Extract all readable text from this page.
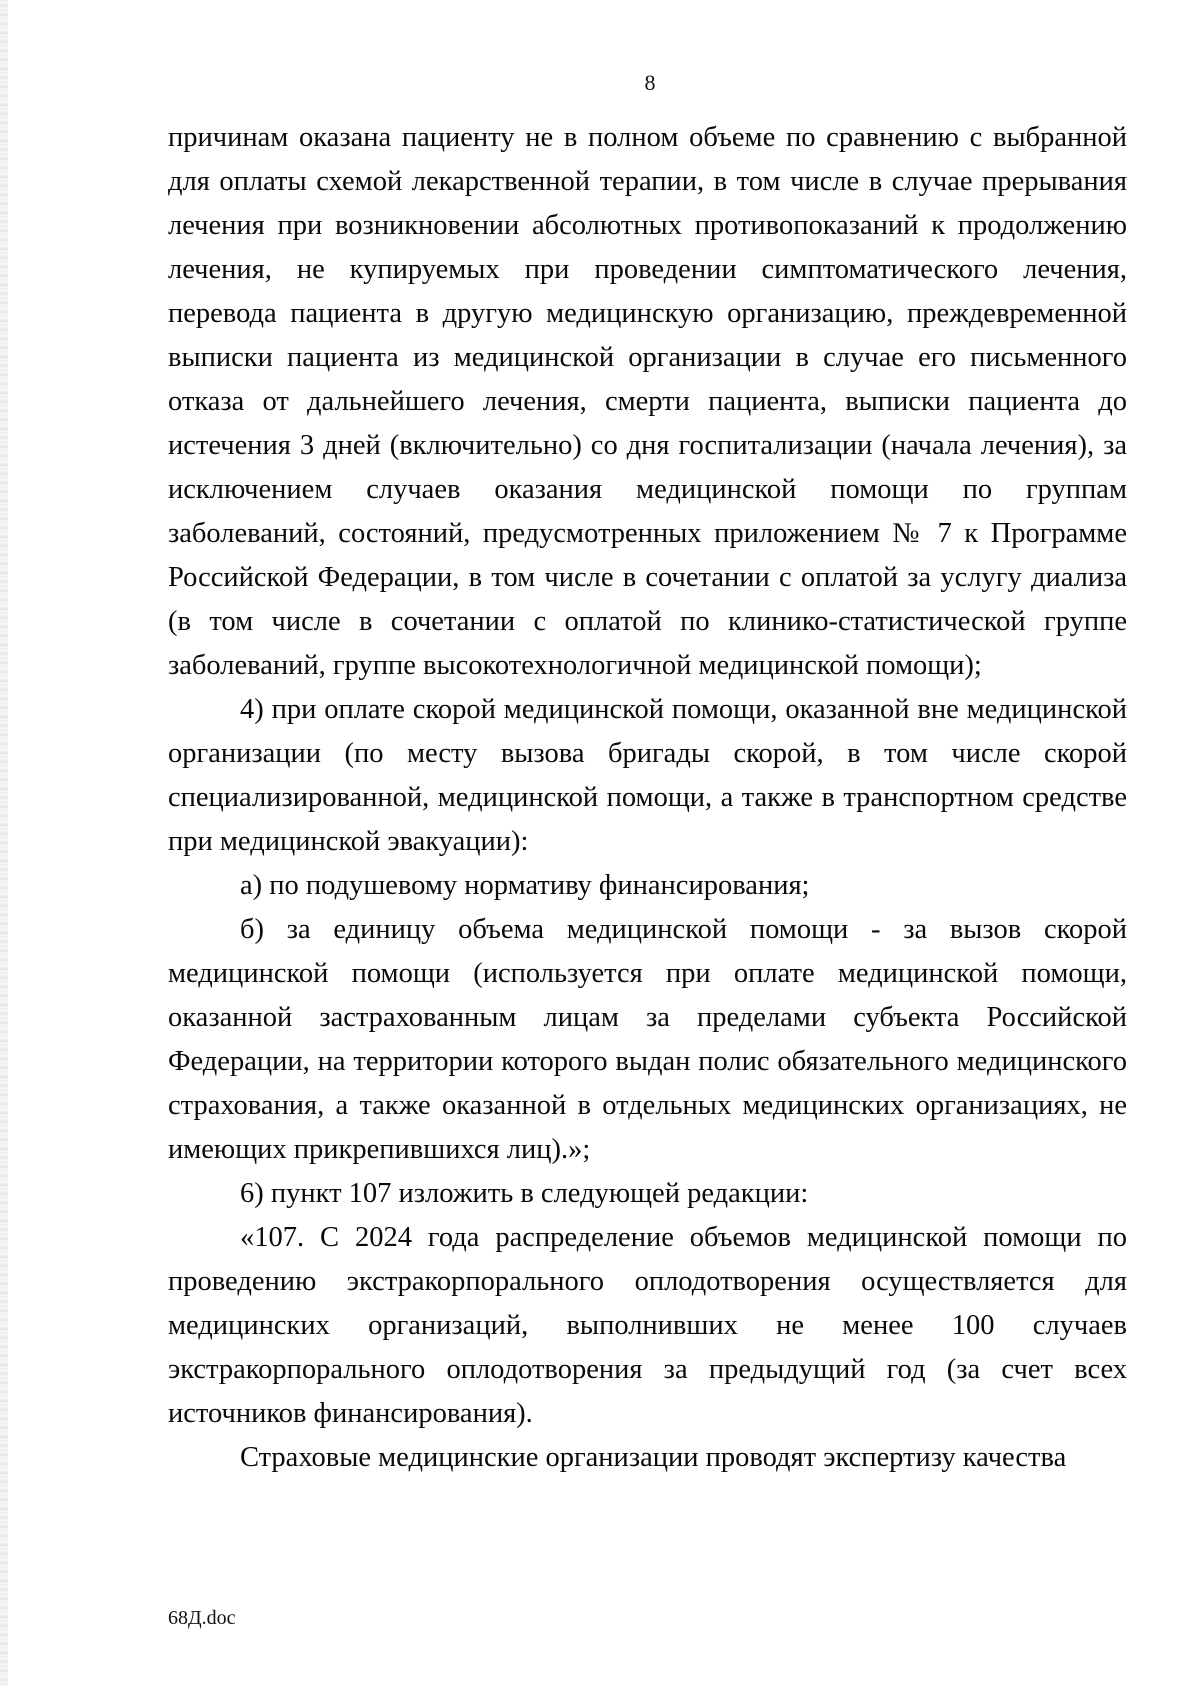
8

причинам оказана пациенту не в полном объеме по сравнению с выбранной для оплаты схемой лекарственной терапии, в том числе в случае прерывания лечения при возникновении абсолютных противопоказаний к продолжению лечения, не купируемых при проведении симптоматического лечения, перевода пациента в другую медицинскую организацию, преждевременной выписки пациента из медицинской организации в случае его письменного отказа от дальнейшего лечения, смерти пациента, выписки пациента до истечения 3 дней (включительно) со дня госпитализации (начала лечения), за исключением случаев оказания медицинской помощи по группам заболеваний, состояний, предусмотренных приложением № 7 к Программе Российской Федерации, в том числе в сочетании с оплатой за услугу диализа (в том числе в сочетании с оплатой по клинико-статистической группе заболеваний, группе высокотехнологичной медицинской помощи);

4) при оплате скорой медицинской помощи, оказанной вне медицинской организации (по месту вызова бригады скорой, в том числе скорой специализированной, медицинской помощи, а также в транспортном средстве при медицинской эвакуации):

а) по подушевому нормативу финансирования;

б) за единицу объема медицинской помощи - за вызов скорой медицинской помощи (используется при оплате медицинской помощи, оказанной застрахованным лицам за пределами субъекта Российской Федерации, на территории которого выдан полис обязательного медицинского страхования, а также оказанной в отдельных медицинских организациях, не имеющих прикрепившихся лиц).»;

6) пункт 107 изложить в следующей редакции:

«107. С 2024 года распределение объемов медицинской помощи по проведению экстракорпорального оплодотворения осуществляется для медицинских организаций, выполнивших не менее 100 случаев экстракорпорального оплодотворения за предыдущий год (за счет всех источников финансирования).

Страховые медицинские организации проводят экспертизу качества

68Д.doc
